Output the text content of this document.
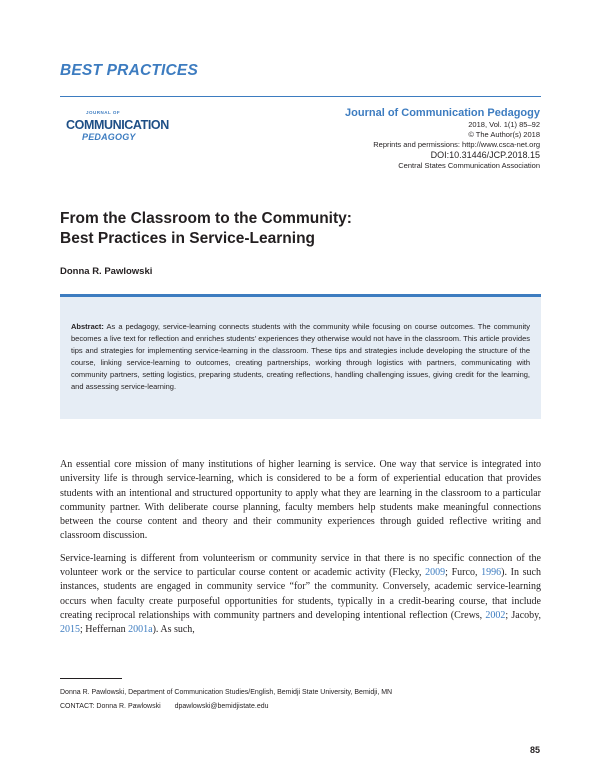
BEST PRACTICES
JOURNAL OF
COMMUNICATION
PEDAGOGY
Journal of Communication Pedagogy
2018, Vol. 1(1) 85–92
© The Author(s) 2018
Reprints and permissions: http://www.csca-net.org
DOI:10.31446/JCP.2018.15
Central States Communication Association
From the Classroom to the Community:
Best Practices in Service-Learning
Donna R. Pawlowski
Abstract: As a pedagogy, service-learning connects students with the community while focusing on course outcomes. The community becomes a live text for reflection and enriches students’ experiences they otherwise would not have in the classroom. This article provides tips and strategies for implementing service-learning in the classroom. These tips and strategies include developing the structure of the course, linking service-learning to outcomes, creating partnerships, working through logistics with partners, communicating with community partners, setting logistics, preparing students, creating reflections, handling challenging issues, giving credit for the learning, and assessing service-learning.

An essential core mission of many institutions of higher learning is service. One way that service is integrated into university life is through service-learning, which is considered to be a form of experiential education that provides students with an intentional and structured opportunity to apply what they are learning in the classroom to a particular community partner. With deliberate course planning, faculty members help students make meaningful connections between the course content and theory and their community experiences through guided reflective writing and classroom discussion.

Service-learning is different from volunteerism or community service in that there is no specific connection of the volunteer work or the service to particular course content or academic activity (Flecky, 2009; Furco, 1996). In such instances, students are engaged in community service “for” the community. Conversely, academic service-learning occurs when faculty create purposeful opportunities for students, typically in a credit-bearing course, that include creating reciprocal relationships with community partners and developing intentional reflection (Crews, 2002; Jacoby, 2015; Heffernan 2001a). As such,

Donna R. Pawlowski, Department of Communication Studies/English, Bemidji State University, Bemidji, MN
CONTACT: Donna R. Pawlowski dpawlowski@bemidjistate.edu
85
